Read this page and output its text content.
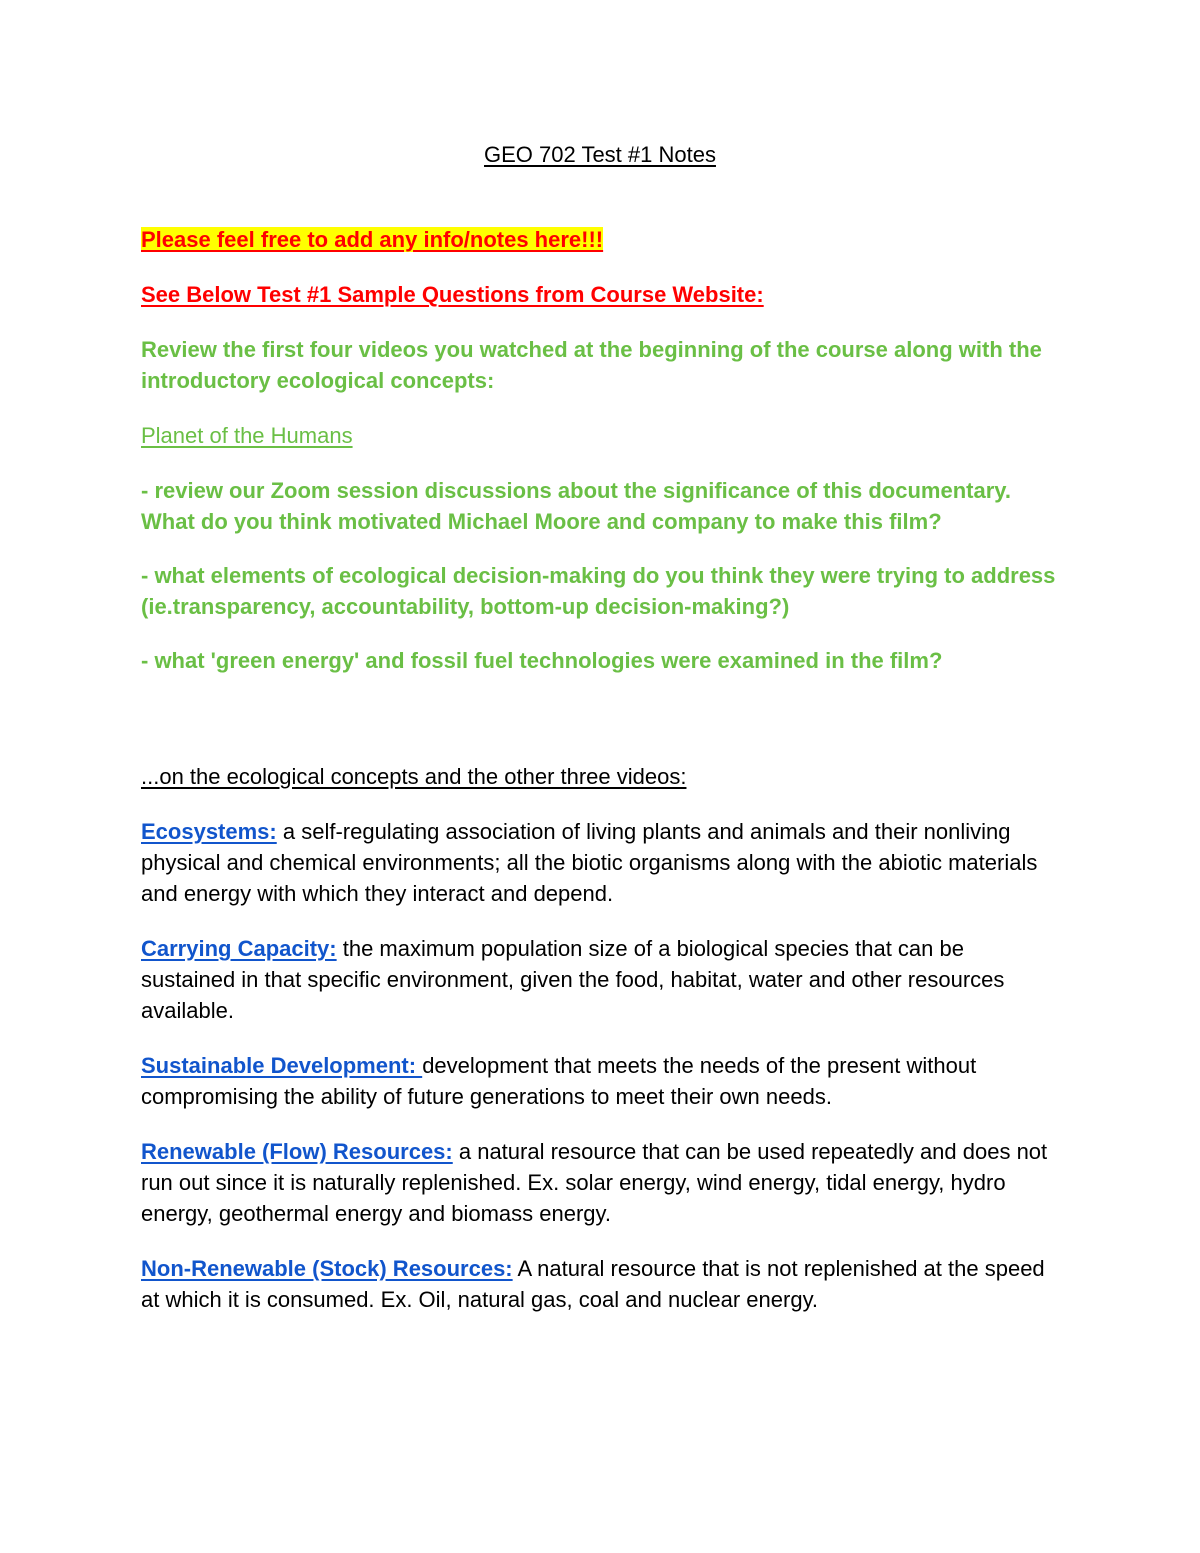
GEO 702 Test #1 Notes

Please feel free to add any info/notes here!!!

See Below Test #1 Sample Questions from Course Website:

Review the first four videos you watched at the beginning of the course along with the introductory ecological concepts:

Planet of the Humans

- review our Zoom session discussions about the significance of this documentary. What do you think motivated Michael Moore and company to make this film?

- what elements of ecological decision-making do you think they were trying to address (ie.transparency, accountability, bottom-up decision-making?)

- what 'green energy' and fossil fuel technologies were examined in the film?

...on the ecological concepts and the other three videos:

Ecosystems: a self-regulating association of living plants and animals and their nonliving physical and chemical environments; all the biotic organisms along with the abiotic materials and energy with which they interact and depend.

Carrying Capacity: the maximum population size of a biological species that can be sustained in that specific environment, given the food, habitat, water and other resources available.

Sustainable Development: development that meets the needs of the present without compromising the ability of future generations to meet their own needs.

Renewable (Flow) Resources: a natural resource that can be used repeatedly and does not run out since it is naturally replenished. Ex. solar energy, wind energy, tidal energy, hydro energy, geothermal energy and biomass energy.

Non-Renewable (Stock) Resources: A natural resource that is not replenished at the speed at which it is consumed. Ex. Oil, natural gas, coal and nuclear energy.
